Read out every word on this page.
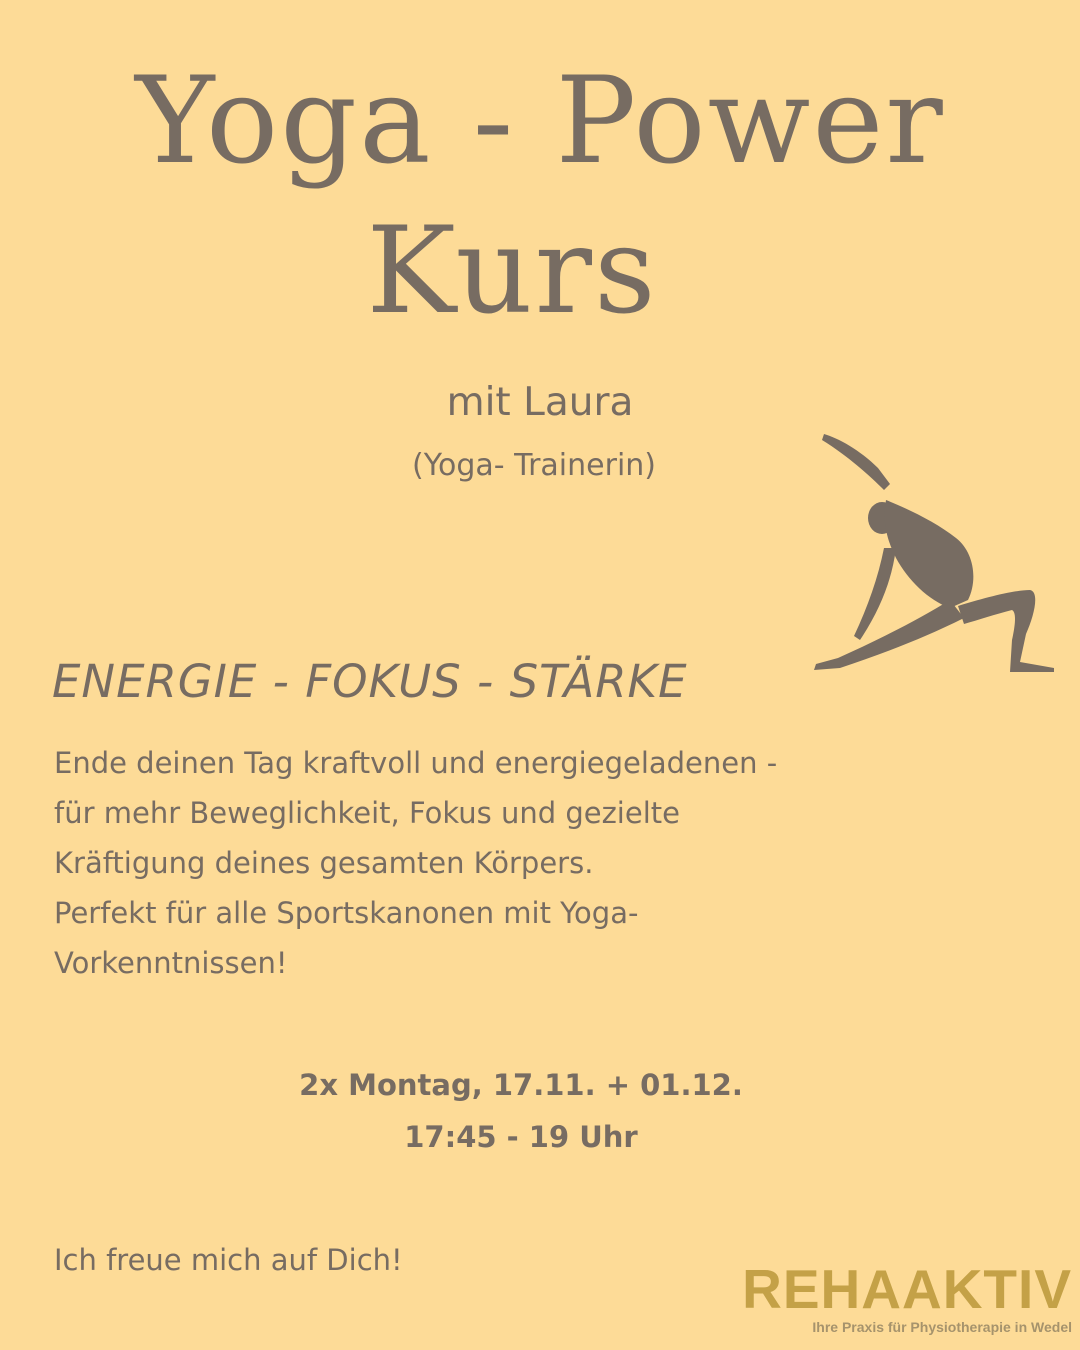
Yoga - Power
Kurs
mit Laura
(Yoga- Trainerin)
ENERGIE - FOKUS - STÄRKE
Ende deinen Tag kraftvoll und energiegeladenen -
für mehr Beweglichkeit, Fokus und gezielte
Kräftigung deines gesamten Körpers.
Perfekt für alle Sportskanonen mit Yoga-
Vorkenntnissen!
2x Montag, 17.11. + 01.12.
17:45 - 19 Uhr
Ich freue mich auf Dich!	REHAAKTIV
Ihre Praxis für Physiotherapie in Wedel
